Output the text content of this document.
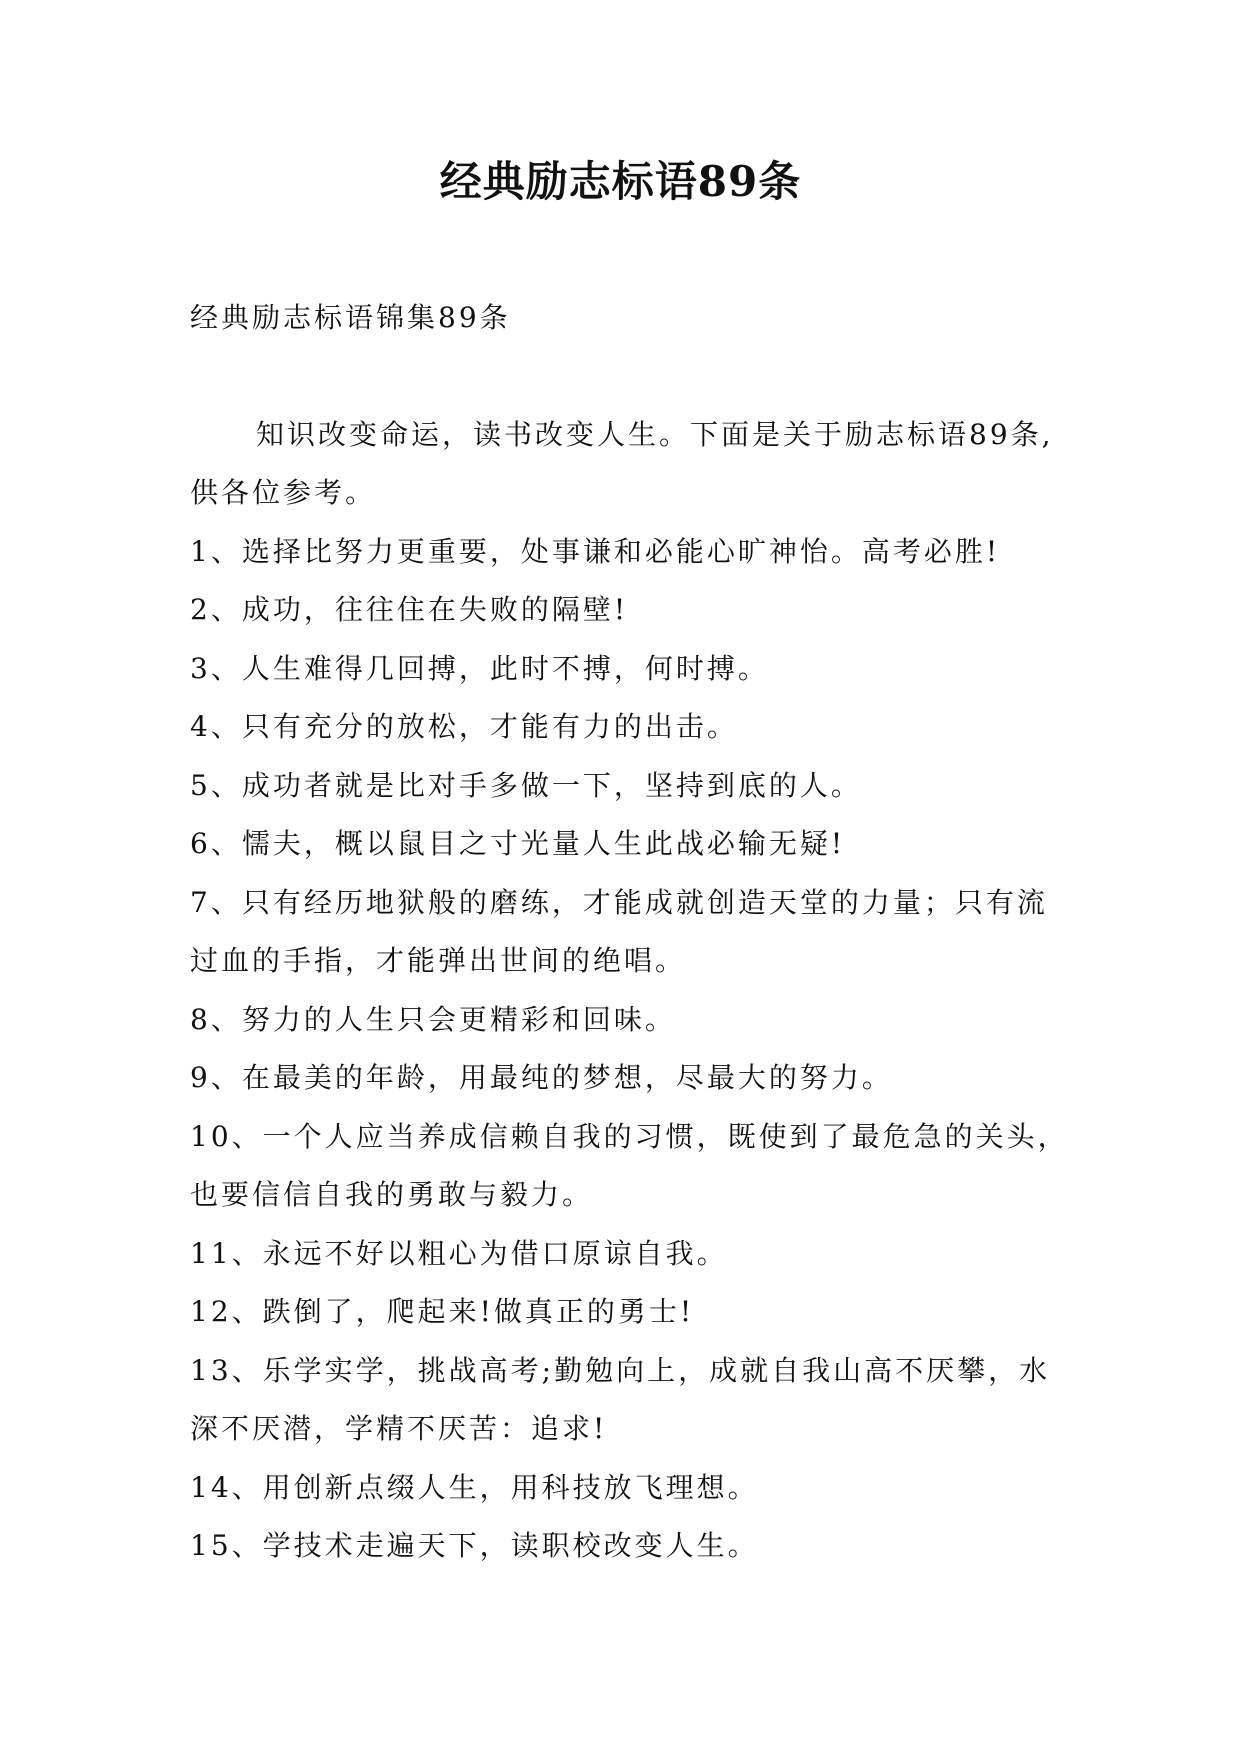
经典励志标语89条

经典励志标语锦集89条

知识改变命运，读书改变人生。下面是关于励志标语89条,供各位参考。

1、选择比努力更重要，处事谦和必能心旷神怡。高考必胜!

2、成功，往往住在失败的隔壁!

3、人生难得几回搏，此时不搏，何时搏。

4、只有充分的放松，才能有力的出击。

5、成功者就是比对手多做一下，坚持到底的人。

6、懦夫，概以鼠目之寸光量人生此战必输无疑!

7、只有经历地狱般的磨练，才能成就创造天堂的力量；只有流过血的手指，才能弹出世间的绝唱。

8、努力的人生只会更精彩和回味。

9、在最美的年龄，用最纯的梦想，尽最大的努力。

10、一个人应当养成信赖自我的习惯，既使到了最危急的关头，也要信信自我的勇敢与毅力。

11、永远不好以粗心为借口原谅自我。

12、跌倒了，爬起来!做真正的勇士!

13、乐学实学，挑战高考;勤勉向上，成就自我山高不厌攀，水深不厌潜，学精不厌苦：追求!

14、用创新点缀人生，用科技放飞理想。

15、学技术走遍天下，读职校改变人生。
